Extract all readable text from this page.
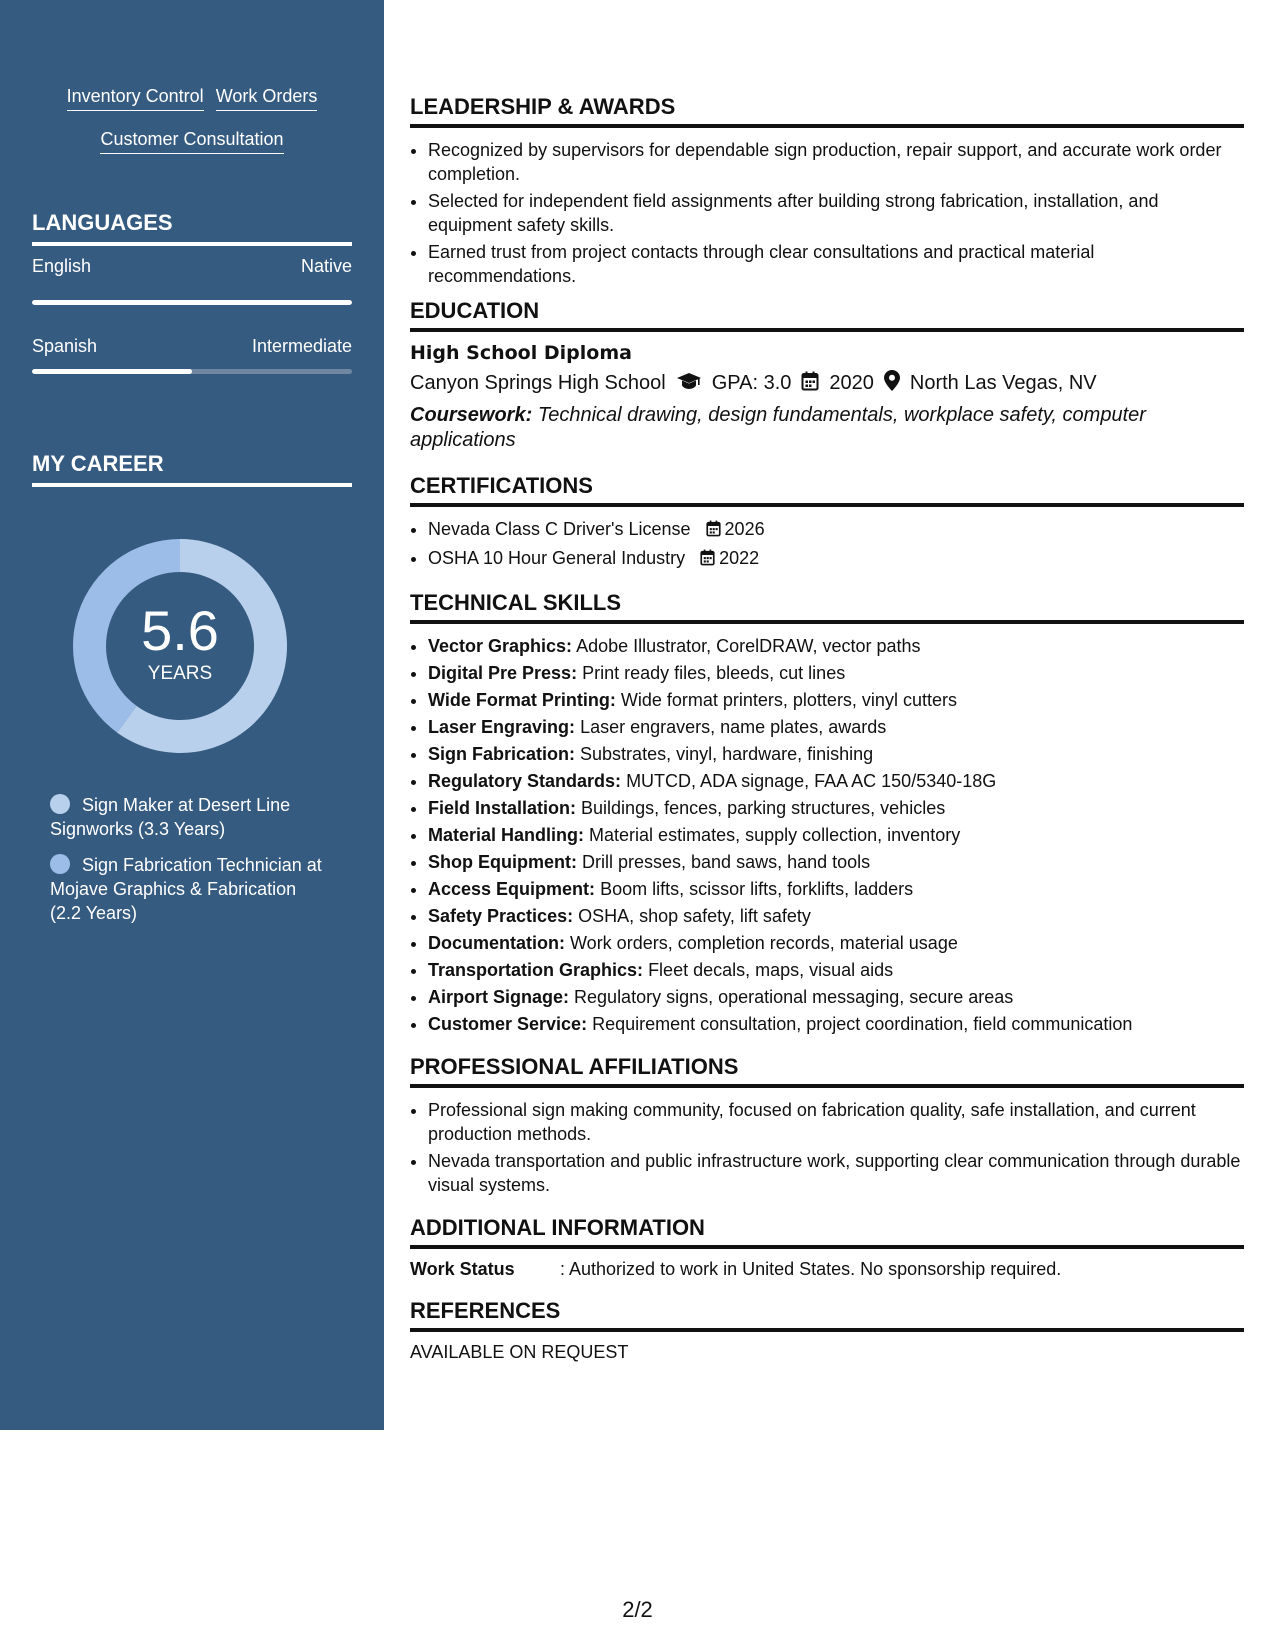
Inventory Control Work Orders
Customer Consultation
LANGUAGES
English	Native
Spanish	Intermediate
MY CAREER
5.6
YEARS
Sign Maker at Desert Line Signworks (3.3 Years)
Sign Fabrication Technician at Mojave Graphics & Fabrication (2.2 Years)
LEADERSHIP & AWARDS
• Recognized by supervisors for dependable sign production, repair support, and accurate work order completion.
• Selected for independent field assignments after building strong fabrication, installation, and equipment safety skills.
• Earned trust from project contacts through clear consultations and practical material recommendations.
EDUCATION
High School Diploma
Canyon Springs High School GPA: 3.0 2020 North Las Vegas, NV
Coursework: Technical drawing, design fundamentals, workplace safety, computer applications
CERTIFICATIONS
• Nevada Class C Driver's License 2026
• OSHA 10 Hour General Industry 2022
TECHNICAL SKILLS
• Vector Graphics: Adobe Illustrator, CorelDRAW, vector paths
• Digital Pre Press: Print ready files, bleeds, cut lines
• Wide Format Printing: Wide format printers, plotters, vinyl cutters
• Laser Engraving: Laser engravers, name plates, awards
• Sign Fabrication: Substrates, vinyl, hardware, finishing
• Regulatory Standards: MUTCD, ADA signage, FAA AC 150/5340-18G
• Field Installation: Buildings, fences, parking structures, vehicles
• Material Handling: Material estimates, supply collection, inventory
• Shop Equipment: Drill presses, band saws, hand tools
• Access Equipment: Boom lifts, scissor lifts, forklifts, ladders
• Safety Practices: OSHA, shop safety, lift safety
• Documentation: Work orders, completion records, material usage
• Transportation Graphics: Fleet decals, maps, visual aids
• Airport Signage: Regulatory signs, operational messaging, secure areas
• Customer Service: Requirement consultation, project coordination, field communication
PROFESSIONAL AFFILIATIONS
• Professional sign making community, focused on fabrication quality, safe installation, and current production methods.
• Nevada transportation and public infrastructure work, supporting clear communication through durable visual systems.
ADDITIONAL INFORMATION
Work Status	: Authorized to work in United States. No sponsorship required.
REFERENCES
AVAILABLE ON REQUEST
2/2
